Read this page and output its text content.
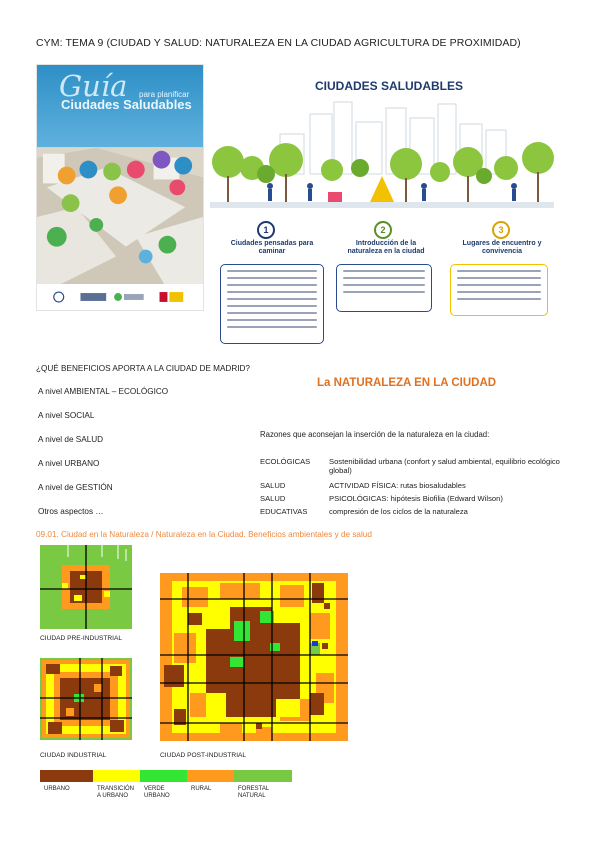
CYM: TEMA 9 (CIUDAD Y SALUD: NATURALEZA EN LA CIUDAD AGRICULTURA DE PROXIMIDAD)
Guía para planificar
Ciudades Saludables
CIUDADES SALUDABLES
1	2	3
Ciudades pensadas para caminar
Introducción de la naturaleza en la ciudad
Lugares de encuentro y convivencia
¿QUÉ BENEFICIOS APORTA A LA CIUDAD DE MADRID?
A nivel AMBIENTAL – ECOLÓGICO
A nivel SOCIAL
A nivel de SALUD
A nivel URBANO
A nivel de GESTIÓN
Otros aspectos …
La NATURALEZA EN LA CIUDAD
Razones que aconsejan la inserción de la naturaleza en la ciudad:
ECOLÓGICAS Sostenibilidad urbana (confort y salud ambiental, equilibrio ecológico global)
SALUD	ACTIVIDAD FÍSICA: rutas biosaludables
SALUD	PSICOLÓGICAS: hipótesis Biofilia (Edward Wilson)
EDUCATIVAS	compresión de los ciclos de la naturaleza
09.01. Ciudad en la Naturaleza / Naturaleza en la Ciudad. Beneficios ambientales y de salud
CIUDAD PRE-INDUSTRIAL
CIUDAD INDUSTRIAL	CIUDAD POST-INDUSTRIAL
URBANO	TRANSICIÓN
A URBANO
VERDE
URBANO
RURAL	FORESTAL
NATURAL
